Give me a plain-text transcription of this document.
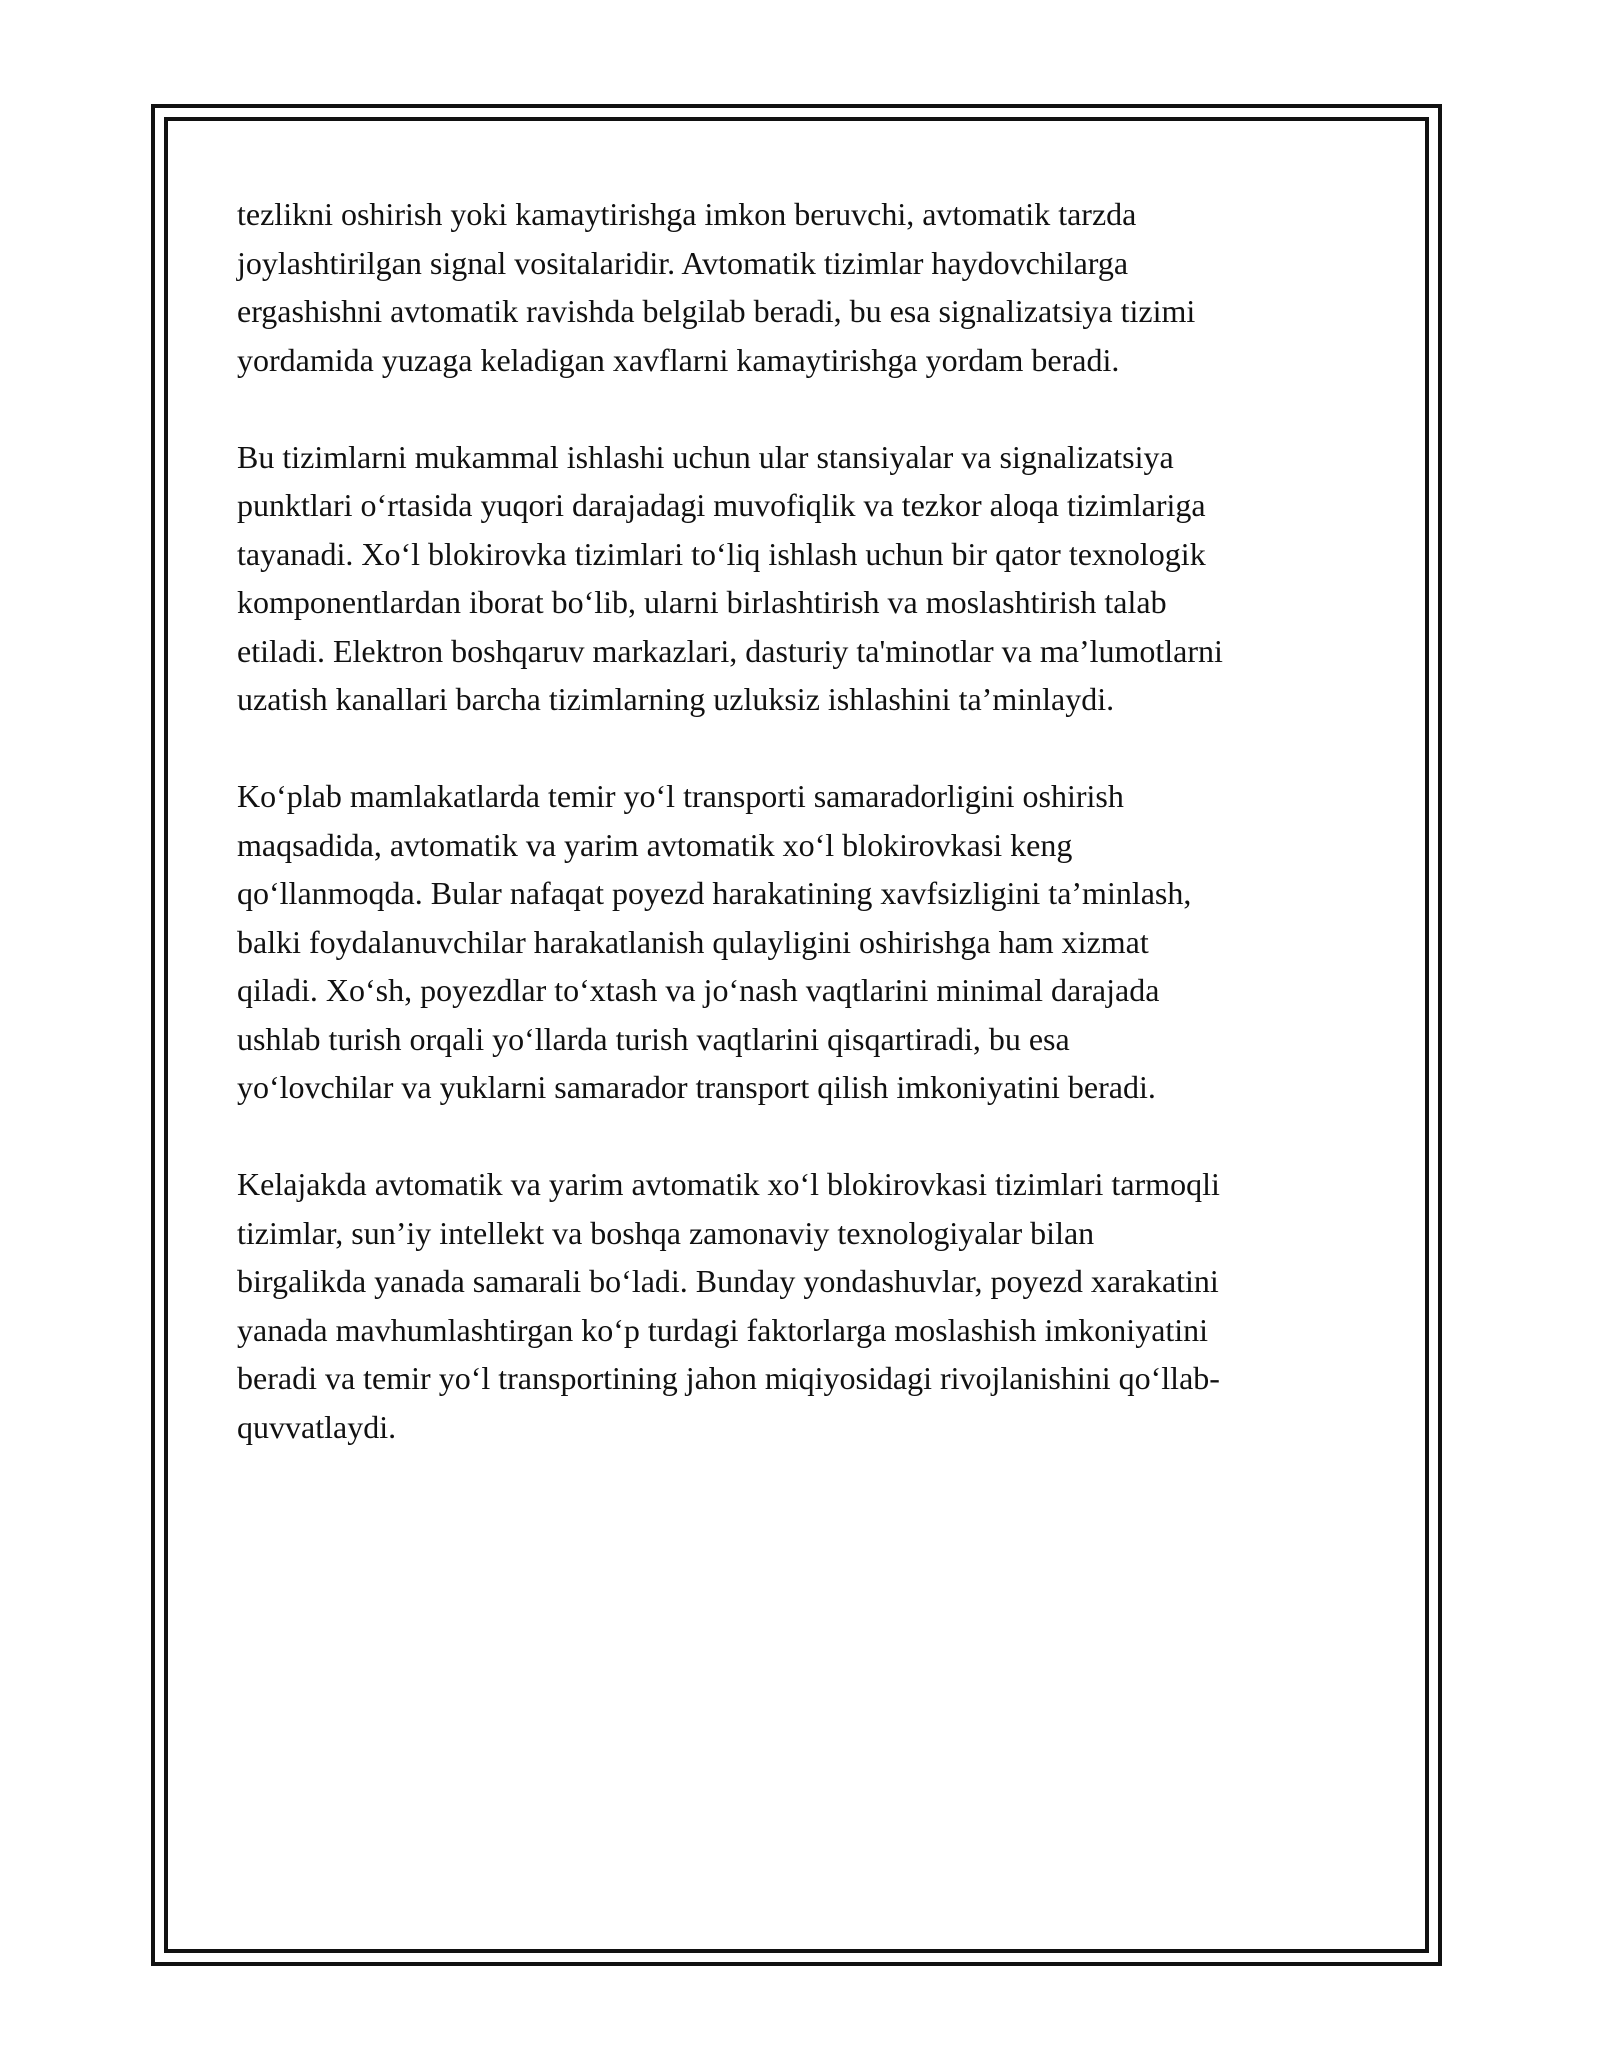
tezlikni oshirish yoki kamaytirishga imkon beruvchi, avtomatik tarzda
joylashtirilgan signal vositalaridir. Avtomatik tizimlar haydovchilarga
ergashishni avtomatik ravishda belgilab beradi, bu esa signalizatsiya tizimi
yordamida yuzaga keladigan xavflarni kamaytirishga yordam beradi.

Bu tizimlarni mukammal ishlashi uchun ular stansiyalar va signalizatsiya
punktlari o‘rtasida yuqori darajadagi muvofiqlik va tezkor aloqa tizimlariga
tayanadi. Xo‘l blokirovka tizimlari to‘liq ishlash uchun bir qator texnologik
komponentlardan iborat bo‘lib, ularni birlashtirish va moslashtirish talab
etiladi. Elektron boshqaruv markazlari, dasturiy ta'minotlar va ma’lumotlarni
uzatish kanallari barcha tizimlarning uzluksiz ishlashini ta’minlaydi.

Ko‘plab mamlakatlarda temir yo‘l transporti samaradorligini oshirish
maqsadida, avtomatik va yarim avtomatik xo‘l blokirovkasi keng
qo‘llanmoqda. Bular nafaqat poyezd harakatining xavfsizligini ta’minlash,
balki foydalanuvchilar harakatlanish qulayligini oshirishga ham xizmat
qiladi. Xo‘sh, poyezdlar to‘xtash va jo‘nash vaqtlarini minimal darajada
ushlab turish orqali yo‘llarda turish vaqtlarini qisqartiradi, bu esa
yo‘lovchilar va yuklarni samarador transport qilish imkoniyatini beradi.

Kelajakda avtomatik va yarim avtomatik xo‘l blokirovkasi tizimlari tarmoqli
tizimlar, sun’iy intellekt va boshqa zamonaviy texnologiyalar bilan
birgalikda yanada samarali bo‘ladi. Bunday yondashuvlar, poyezd xarakatini
yanada mavhumlashtirgan ko‘p turdagi faktorlarga moslashish imkoniyatini
beradi va temir yo‘l transportining jahon miqiyosidagi rivojlanishini qo‘llab-
quvvatlaydi.
